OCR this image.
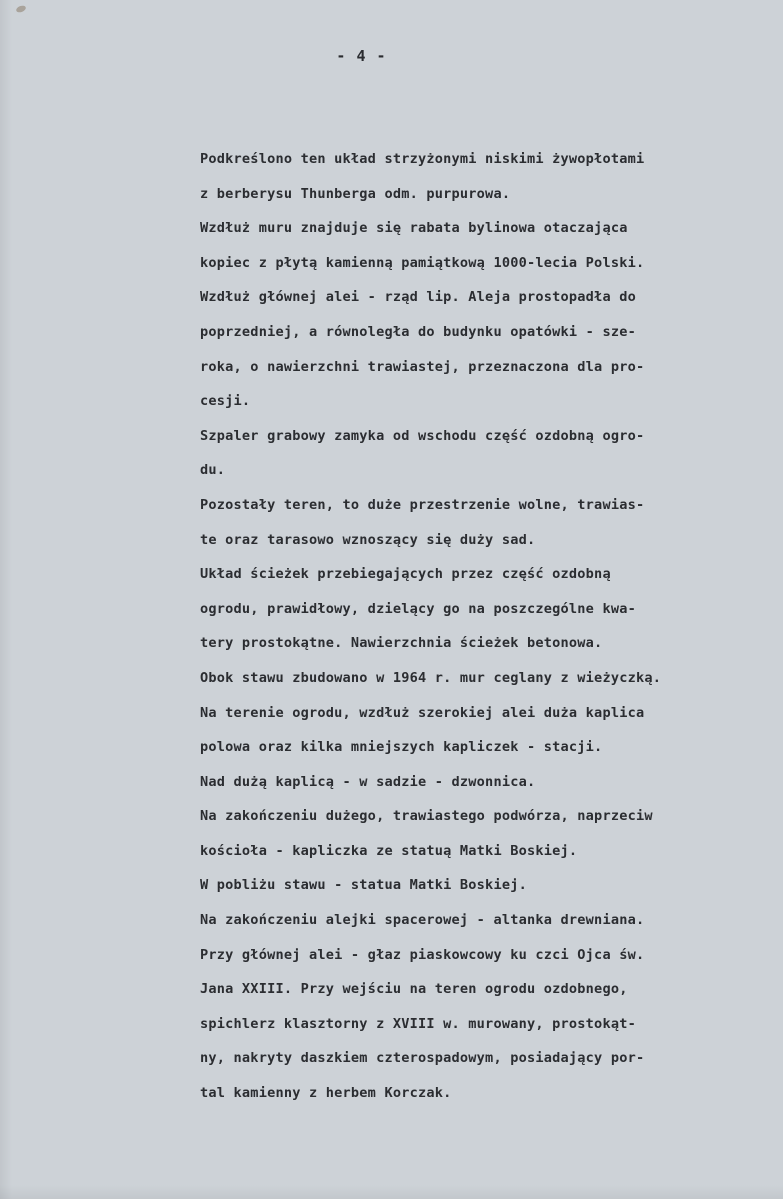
- 4 -
Podkreślono ten układ strzyżonymi niskimi żywopłotami
z berberysu Thunberga odm. purpurowa.
Wzdłuż muru znajduje się rabata bylinowa otaczająca
kopiec z płytą kamienną pamiątkową 1000-lecia Polski.
Wzdłuż głównej alei - rząd lip. Aleja prostopadła do
poprzedniej, a równoległa do budynku opatówki - sze-
roka, o nawierzchni trawiastej, przeznaczona dla pro-
cesji.
Szpaler grabowy zamyka od wschodu część ozdobną ogro-
du.
Pozostały teren, to duże przestrzenie wolne, trawias-
te oraz tarasowo wznoszący się duży sad.
Układ ścieżek przebiegających przez część ozdobną
ogrodu, prawidłowy, dzielący go na poszczególne kwa-
tery prostokątne. Nawierzchnia ścieżek betonowa.
Obok stawu zbudowano w 1964 r. mur ceglany z wieżyczką.
Na terenie ogrodu, wzdłuż szerokiej alei duża kaplica
polowa oraz kilka mniejszych kapliczek - stacji.
Nad dużą kaplicą - w sadzie - dzwonnica.
Na zakończeniu dużego, trawiastego podwórza, naprzeciw
kościoła - kapliczka ze statuą Matki Boskiej.
W pobliżu stawu - statua Matki Boskiej.
Na zakończeniu alejki spacerowej - altanka drewniana.
Przy głównej alei - głaz piaskowcowy ku czci Ojca św.
Jana XXIII. Przy wejściu na teren ogrodu ozdobnego,
spichlerz klasztorny z XVIII w. murowany, prostokąt-
ny, nakryty daszkiem czterospadowym, posiadający por-
tal kamienny z herbem Korczak.
